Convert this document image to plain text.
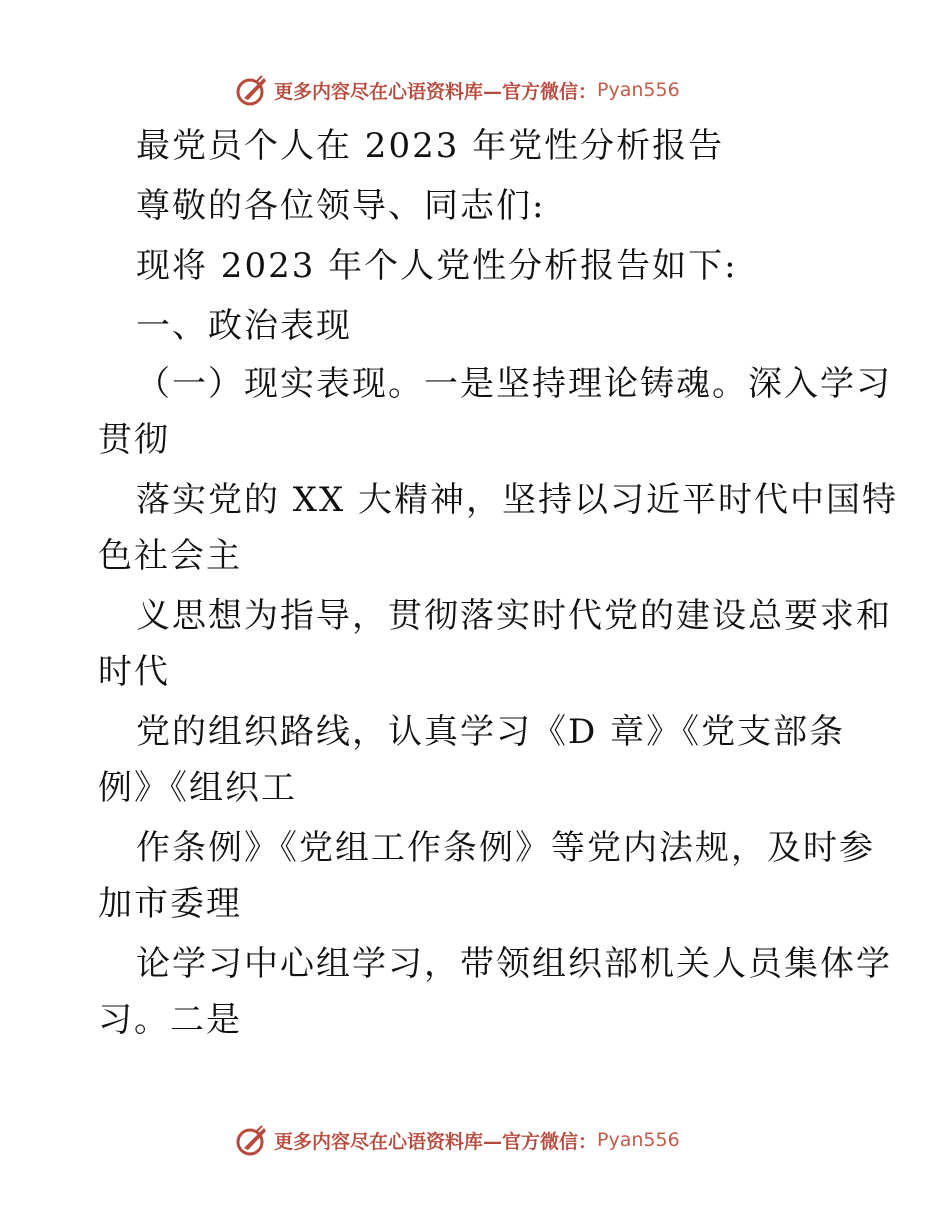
更多内容尽在心语资料库—官方微信： Pyan556
最党员个人在 2023 年党性分析报告
尊敬的各位领导、同志们:
现将 2023 年个人党性分析报告如下:
一、政治表现
（一）现实表现。一是坚持理论铸魂。深入学习
贯彻
落实党的 XX 大精神，坚持以习近平时代中国特
色社会主
义思想为指导，贯彻落实时代党的建设总要求和
时代
党的组织路线，认真学习《D 章》《党支部条
例》《组织工
作条例》《党组工作条例》等党内法规，及时参
加市委理
论学习中心组学习，带领组织部机关人员集体学
习。二是
更多内容尽在心语资料库—官方微信： Pyan556
